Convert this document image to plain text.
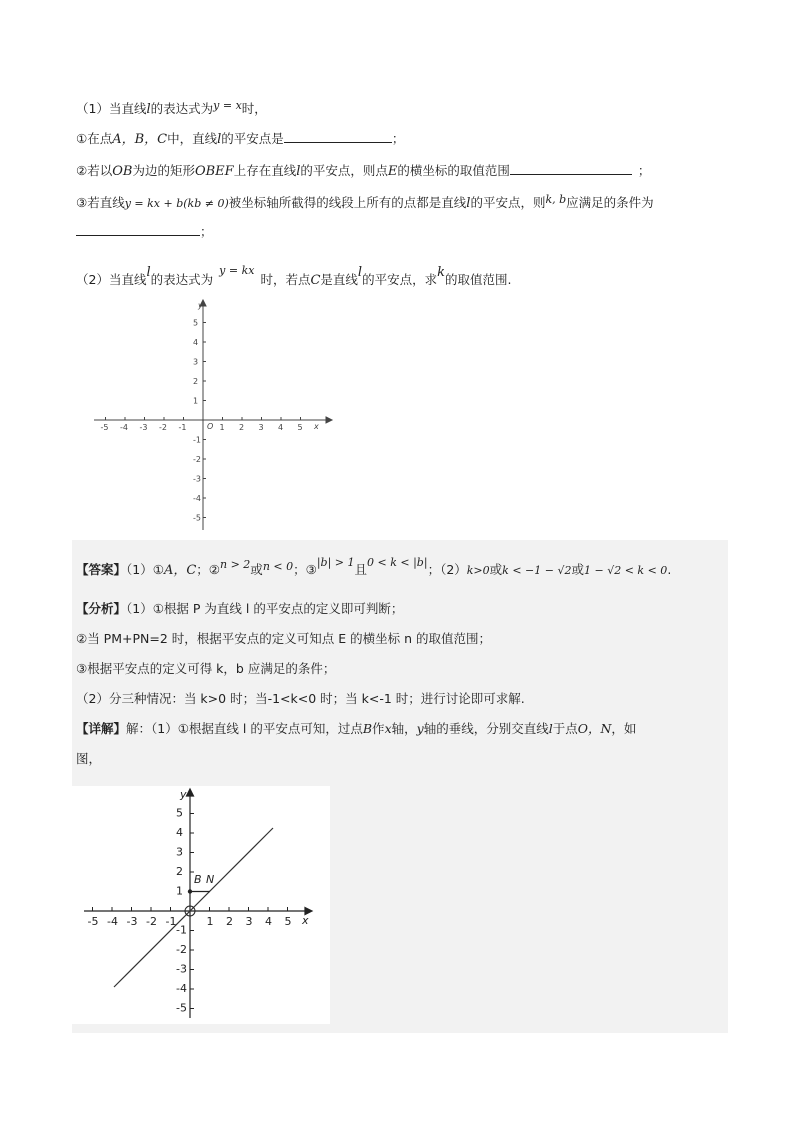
（1）当直线l的表达式为$^{y = x}$时，
①在点A，B，C中，直线l的平安点是	；
②若以OB为边的矩形OBEF上存在直线l的平安点，则点E的横坐标的取值范围	；
③若直线y = kx + b(kb ≠ 0)被坐标轴所截得的线段上所有的点都是直线l的平安点，则$^{k, b}$应满足的条件为
；
（2）当直线l的表达式为$^{y = kx}$时，若点C是直线l的平安点，求k的取值范围.
-5 -4 -3 -2 -1	1 2 3 4 5
5
4
3
2
1
-1
-2
-3
-4
-5
O	x
y
【答案】（1）①A，C；②$^{n > 2}$或$^{n < 0}$；③$^{|b| > 1}$且$^{0 < k < |b|}$；（2）k>0或k < −1 − √2或1 − √2 < k < 0.
【分析】（1）①根据 P 为直线 l 的平安点的定义即可判断；
②当 PM+PN=2 时，根据平安点的定义可知点 E 的横坐标 n 的取值范围；
③根据平安点的定义可得 k，b 应满足的条件；
（2）分三种情况：当 k>0 时；当-1<k<0 时；当 k<-1 时；进行讨论即可求解.
【详解】解：（1）①根据直线 l 的平安点可知，过点B作x轴，y轴的垂线，分别交直线l于点O，N，如
图，
-5 -4 -3 -2 -1	1 2 3 4 5
5
4
3
2
1
-1
-2
-3
-4
-5
B N
x
y
